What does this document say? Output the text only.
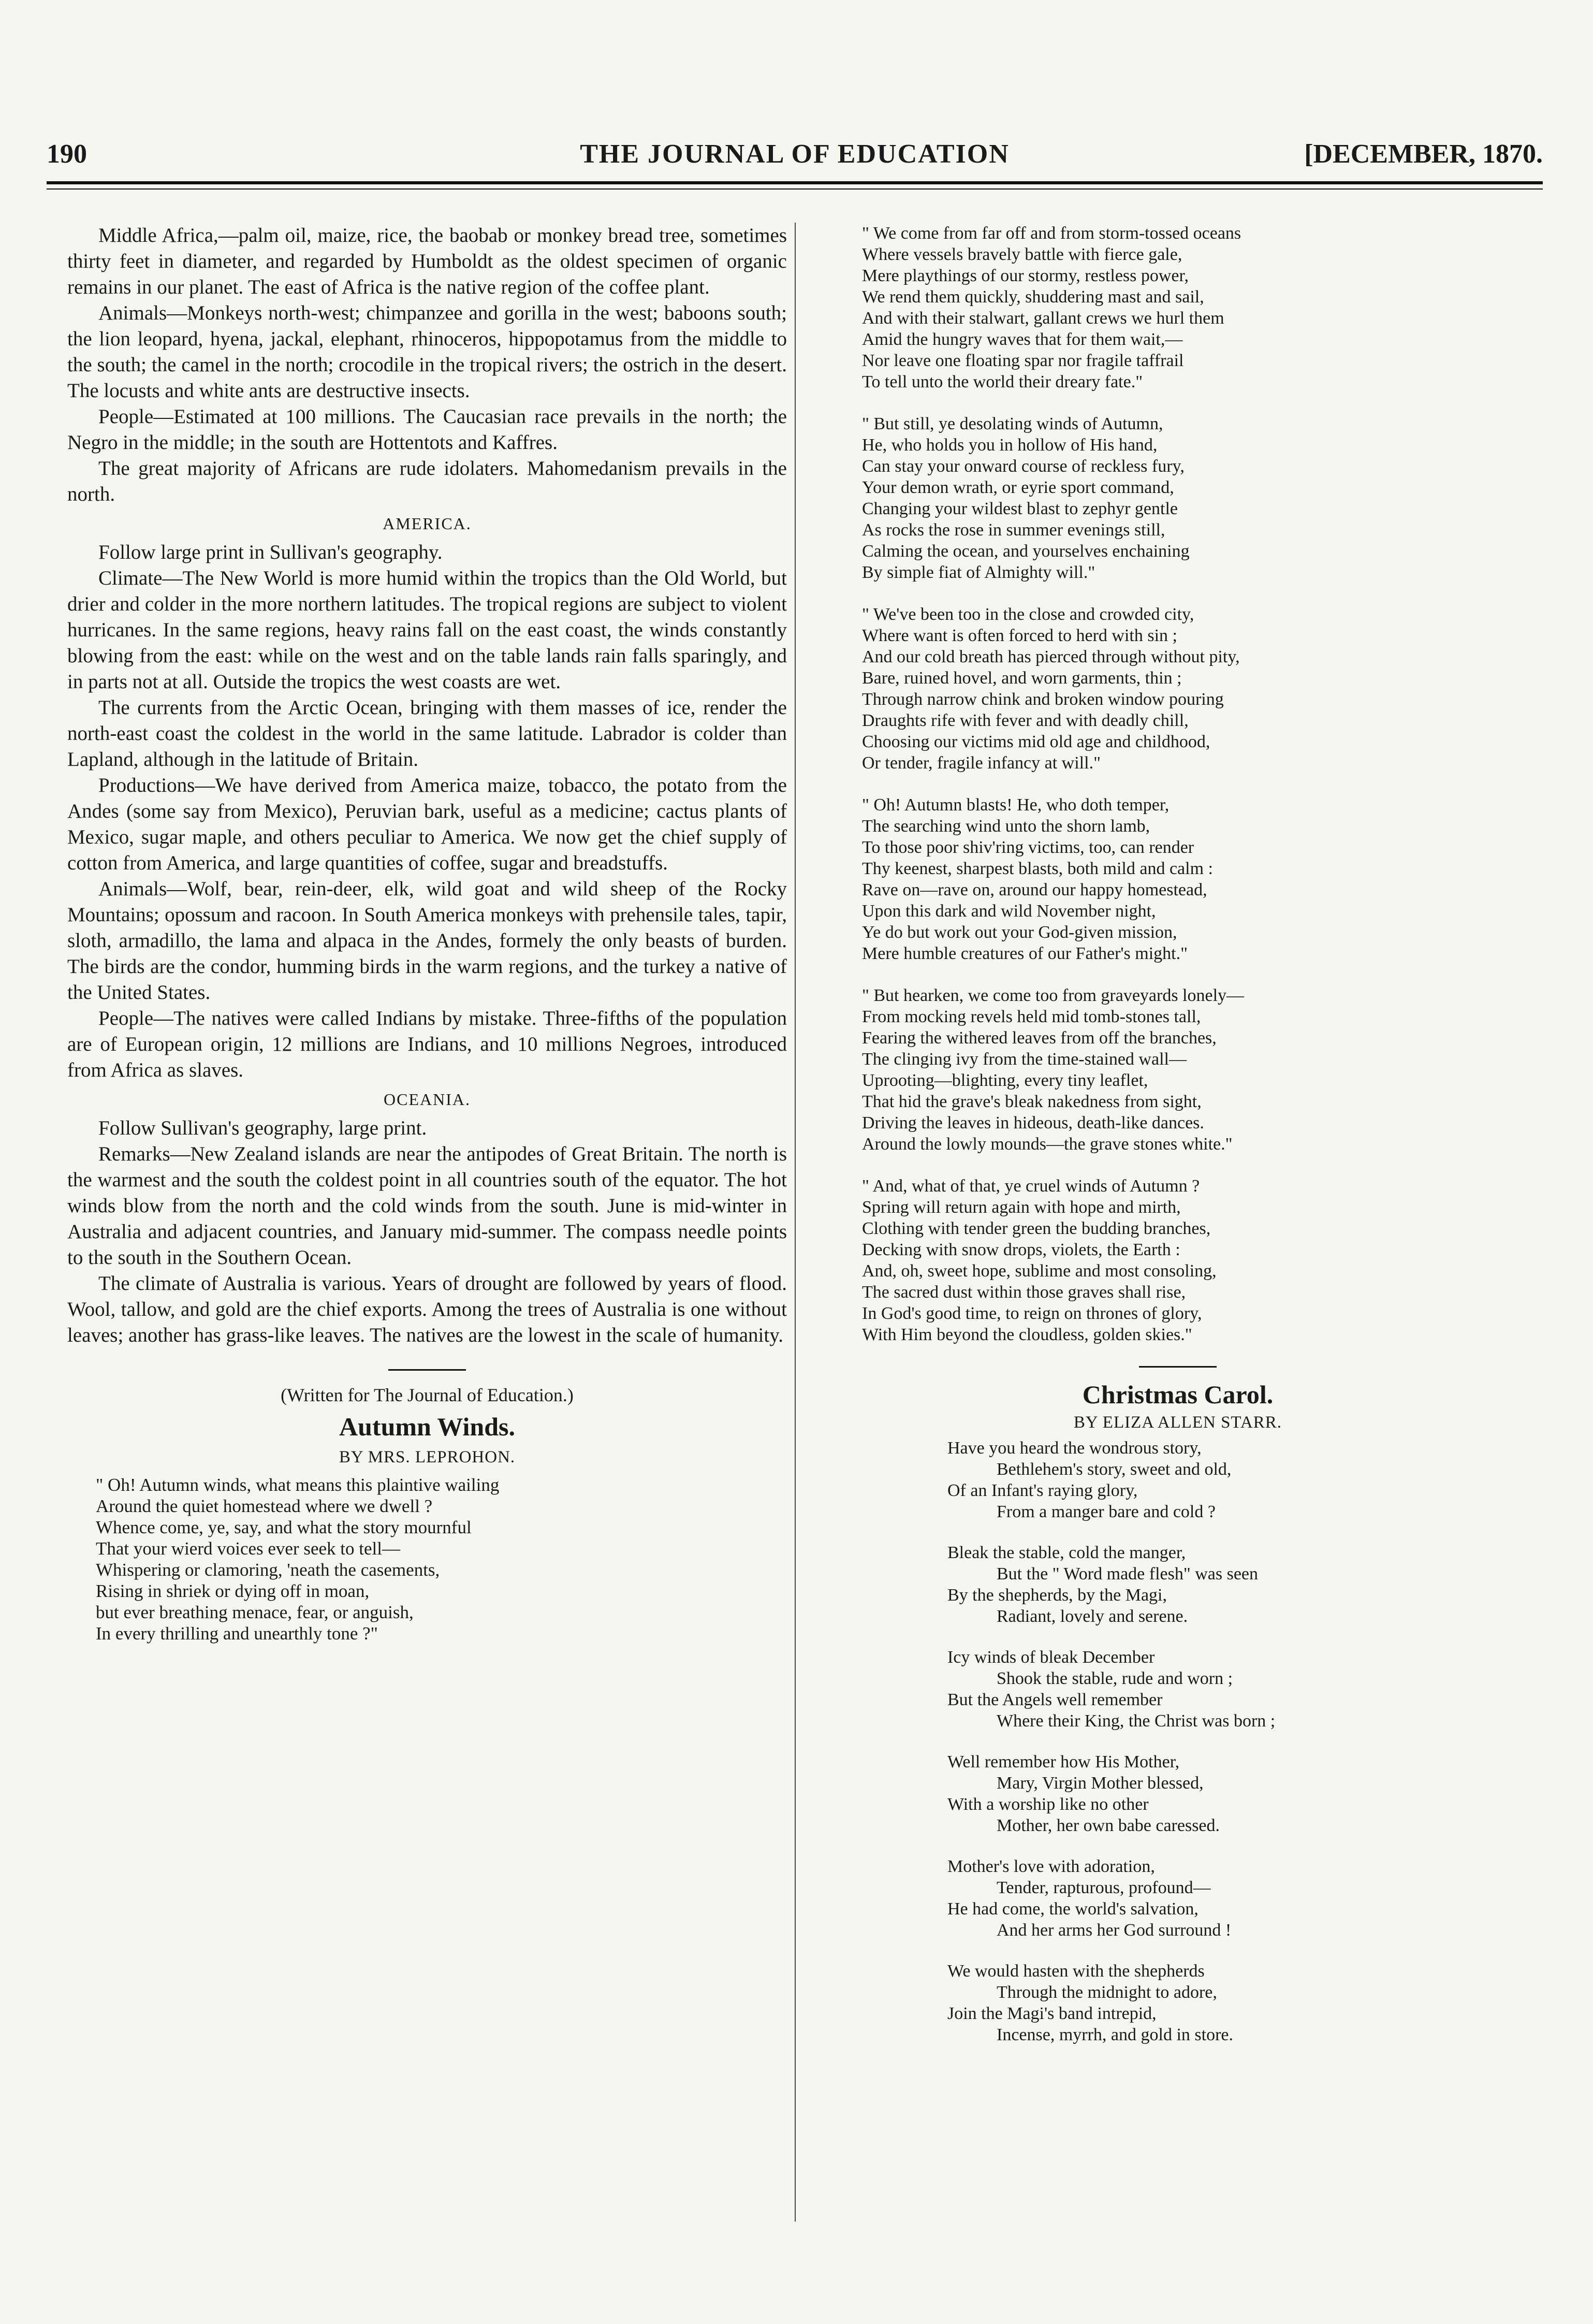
190	THE JOURNAL OF EDUCATION	[DECEMBER, 1870.

Middle Africa,—palm oil, maize, rice, the baobab or monkey bread tree, sometimes thirty feet in diameter, and regarded by Humboldt as the oldest specimen of organic remains in our planet. The east of Africa is the native region of the coffee plant.

Animals—Monkeys north-west; chimpanzee and gorilla in the west; baboons south; the lion leopard, hyena, jackal, elephant, rhinoceros, hippopotamus from the middle to the south; the camel in the north; crocodile in the tropical rivers; the ostrich in the desert. The locusts and white ants are destructive insects.

People—Estimated at 100 millions. The Caucasian race prevails in the north; the Negro in the middle; in the south are Hottentots and Kaffres.

The great majority of Africans are rude idolaters. Mahomedanism prevails in the north.

AMERICA.

Follow large print in Sullivan's geography.

Climate—The New World is more humid within the tropics than the Old World, but drier and colder in the more northern latitudes. The tropical regions are subject to violent hurricanes. In the same regions, heavy rains fall on the east coast, the winds constantly blowing from the east: while on the west and on the table lands rain falls sparingly, and in parts not at all. Outside the tropics the west coasts are wet.

The currents from the Arctic Ocean, bringing with them masses of ice, render the north-east coast the coldest in the world in the same latitude. Labrador is colder than Lapland, although in the latitude of Britain.

Productions—We have derived from America maize, tobacco, the potato from the Andes (some say from Mexico), Peruvian bark, useful as a medicine; cactus plants of Mexico, sugar maple, and others peculiar to America. We now get the chief supply of cotton from America, and large quantities of coffee, sugar and breadstuffs.

Animals—Wolf, bear, rein-deer, elk, wild goat and wild sheep of the Rocky Mountains; opossum and racoon. In South America monkeys with prehensile tales, tapir, sloth, armadillo, the lama and alpaca in the Andes, formely the only beasts of burden. The birds are the condor, humming birds in the warm regions, and the turkey a native of the United States.

People—The natives were called Indians by mistake. Three-fifths of the population are of European origin, 12 millions are Indians, and 10 millions Negroes, introduced from Africa as slaves.

OCEANIA.

Follow Sullivan's geography, large print.

Remarks—New Zealand islands are near the antipodes of Great Britain. The north is the warmest and the south the coldest point in all countries south of the equator. The hot winds blow from the north and the cold winds from the south. June is mid-winter in Australia and adjacent countries, and January mid-summer. The compass needle points to the south in the Southern Ocean.

The climate of Australia is various. Years of drought are followed by years of flood. Wool, tallow, and gold are the chief exports. Among the trees of Australia is one without leaves; another has grass-like leaves. The natives are the lowest in the scale of humanity.

(Written for The Journal of Education.)

Autumn Winds.

BY MRS. LEPROHON.

" Oh! Autumn winds, what means this plaintive wailing

Around the quiet homestead where we dwell ?

Whence come, ye, say, and what the story mournful

That your wierd voices ever seek to tell—

Whispering or clamoring, 'neath the casements,

Rising in shriek or dying off in moan,

but ever breathing menace, fear, or anguish,

In every thrilling and unearthly tone ?"

" We come from far off and from storm-tossed oceans

Where vessels bravely battle with fierce gale,

Mere playthings of our stormy, restless power,

We rend them quickly, shuddering mast and sail,

And with their stalwart, gallant crews we hurl them

Amid the hungry waves that for them wait,—

Nor leave one floating spar nor fragile taffrail

To tell unto the world their dreary fate."

" But still, ye desolating winds of Autumn,

He, who holds you in hollow of His hand,

Can stay your onward course of reckless fury,

Your demon wrath, or eyrie sport command,

Changing your wildest blast to zephyr gentle

As rocks the rose in summer evenings still,

Calming the ocean, and yourselves enchaining

By simple fiat of Almighty will."

" We've been too in the close and crowded city,

Where want is often forced to herd with sin ;

And our cold breath has pierced through without pity,

Bare, ruined hovel, and worn garments, thin ;

Through narrow chink and broken window pouring

Draughts rife with fever and with deadly chill,

Choosing our victims mid old age and childhood,

Or tender, fragile infancy at will."

" Oh! Autumn blasts! He, who doth temper,

The searching wind unto the shorn lamb,

To those poor shiv'ring victims, too, can render

Thy keenest, sharpest blasts, both mild and calm :

Rave on—rave on, around our happy homestead,

Upon this dark and wild November night,

Ye do but work out your God-given mission,

Mere humble creatures of our Father's might."

" But hearken, we come too from graveyards lonely—

From mocking revels held mid tomb-stones tall,

Fearing the withered leaves from off the branches,

The clinging ivy from the time-stained wall—

Uprooting—blighting, every tiny leaflet,

That hid the grave's bleak nakedness from sight,

Driving the leaves in hideous, death-like dances.

Around the lowly mounds—the grave stones white."

" And, what of that, ye cruel winds of Autumn ?

Spring will return again with hope and mirth,

Clothing with tender green the budding branches,

Decking with snow drops, violets, the Earth :

And, oh, sweet hope, sublime and most consoling,

The sacred dust within those graves shall rise,

In God's good time, to reign on thrones of glory,

With Him beyond the cloudless, golden skies."

Christmas Carol.

BY ELIZA ALLEN STARR.

Have you heard the wondrous story,

Bethlehem's story, sweet and old,

Of an Infant's raying glory,

From a manger bare and cold ?

Bleak the stable, cold the manger,

But the " Word made flesh" was seen

By the shepherds, by the Magi,

Radiant, lovely and serene.

Icy winds of bleak December

Shook the stable, rude and worn ;

But the Angels well remember

Where their King, the Christ was born ;

Well remember how His Mother,

Mary, Virgin Mother blessed,

With a worship like no other

Mother, her own babe caressed.

Mother's love with adoration,

Tender, rapturous, profound—

He had come, the world's salvation,

And her arms her God surround !

We would hasten with the shepherds

Through the midnight to adore,

Join the Magi's band intrepid,

Incense, myrrh, and gold in store.
